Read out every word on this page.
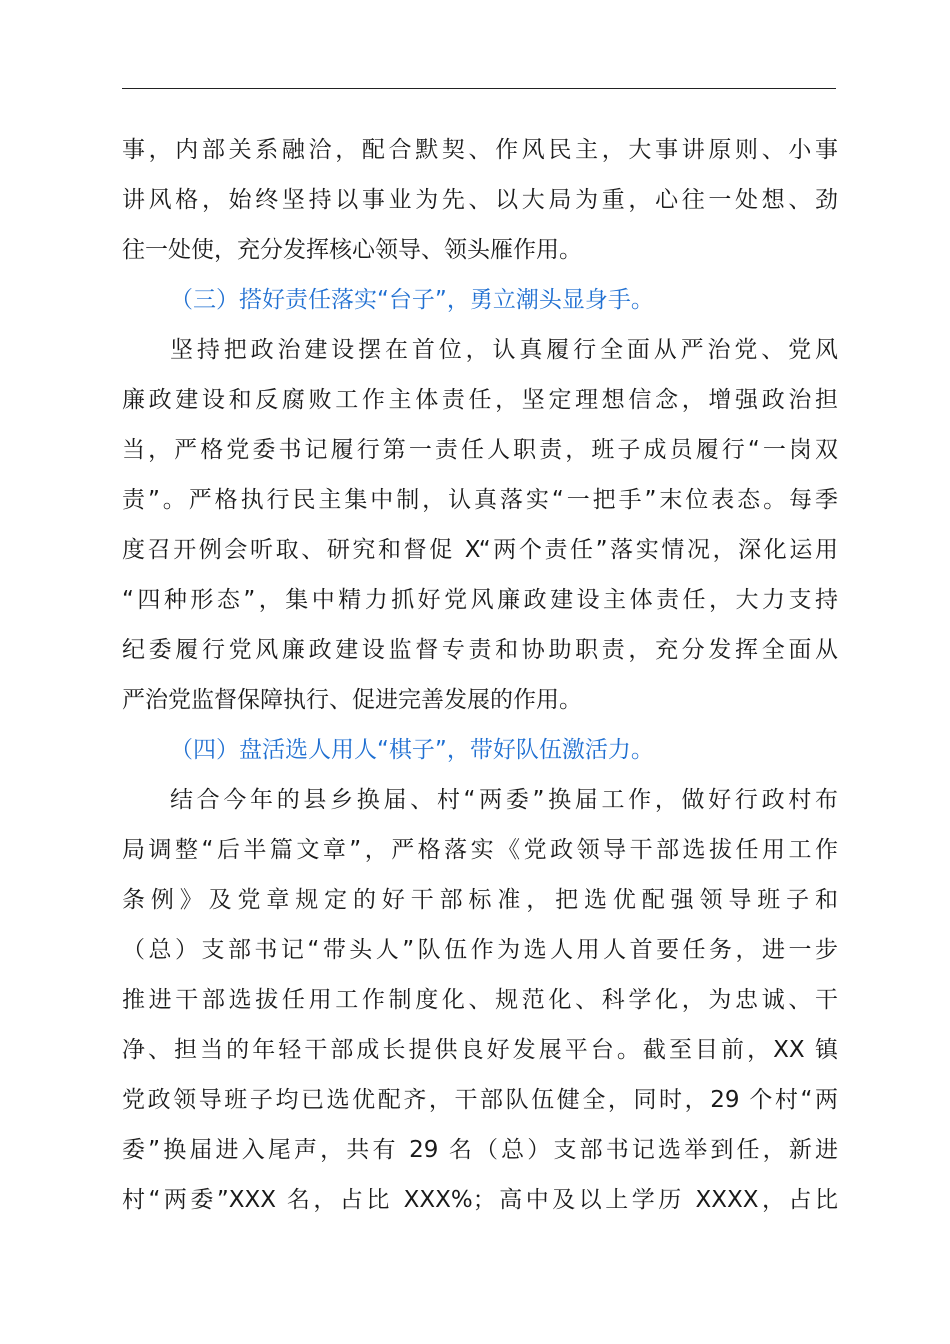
事，内部关系融洽，配合默契、作风民主，大事讲原则、小事
讲风格，始终坚持以事业为先、以大局为重，心往一处想、劲
往一处使，充分发挥核心领导、领头雁作用。
（三）搭好责任落实“台子”，勇立潮头显身手。
坚持把政治建设摆在首位，认真履行全面从严治党、党风
廉政建设和反腐败工作主体责任，坚定理想信念，增强政治担
当，严格党委书记履行第一责任人职责，班子成员履行“一岗双
责”。严格执行民主集中制，认真落实“一把手”末位表态。每季
度召开例会听取、研究和督促 X“两个责任”落实情况，深化运用
“四种形态”，集中精力抓好党风廉政建设主体责任，大力支持
纪委履行党风廉政建设监督专责和协助职责，充分发挥全面从
严治党监督保障执行、促进完善发展的作用。
（四）盘活选人用人“棋子”，带好队伍激活力。
结合今年的县乡换届、村“两委”换届工作，做好行政村布
局调整“后半篇文章”，严格落实《党政领导干部选拔任用工作
条例》及党章规定的好干部标准，把选优配强领导班子和
（总）支部书记“带头人”队伍作为选人用人首要任务，进一步
推进干部选拔任用工作制度化、规范化、科学化，为忠诚、干
净、担当的年轻干部成长提供良好发展平台。截至目前，XX 镇
党政领导班子均已选优配齐，干部队伍健全，同时，29 个村“两
委”换届进入尾声，共有 29 名（总）支部书记选举到任，新进
村“两委”XXX 名，占比 XXX%；高中及以上学历 XXXX，占比
